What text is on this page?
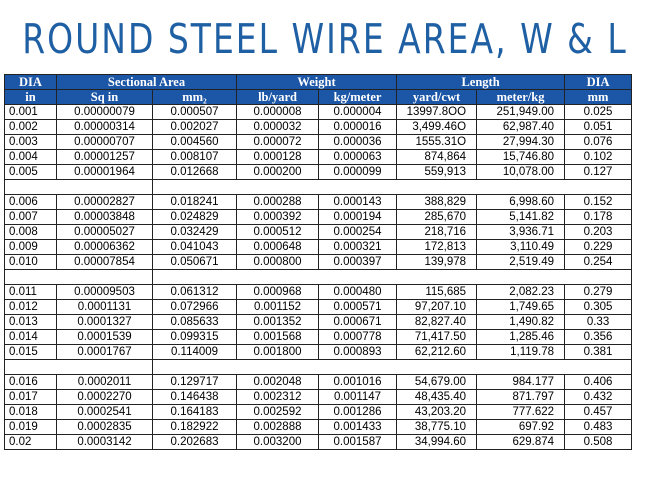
ROUND STEEL WIRE AREA, W & L
DIA	Sectional Area		Weight		Length		DIA
in	Sq in	mm₂	lb/yard	kg/meter	yard/cwt	meter/kg	mm
0.001	0.00000079	0.000507	0.000008	0.000004	13997.8OO	251,949.00	0.025
0.002	0.00000314	0.002027	0.000032	0.000016	3,499.46O	62,987.40	0.051
0.003	0.00000707	0.004560	0.000072	0.000036	1555.31O	27,994.30	0.076
0.004	0.00001257	0.008107	0.000128	0.000063	874,864	15,746.80	0.102
0.005	0.00001964	0.012668	0.000200	0.000099	559,913	10,078.00	0.127

0.006	0.00002827	0.018241	0.000288	0.000143	388,829	6,998.60	0.152
0.007	0.00003848	0.024829	0.000392	0.000194	285,670	5,141.82	0.178
0.008	0.00005027	0.032429	0.000512	0.000254	218,716	3,936.71	0.203
0.009	0.00006362	0.041043	0.000648	0.000321	172,813	3,110.49	0.229
0.010	0.00007854	0.050671	0.000800	0.000397	139,978	2,519.49	0.254

0.011	0.00009503	0.061312	0.000968	0.000480	115,685	2,082.23	0.279
0.012	0.0001131	0.072966	0.001152	0.000571	97,207.10	1,749.65	0.305
0.013	0.0001327	0.085633	0.001352	0.000671	82,827.40	1,490.82	0.33
0.014	0.0001539	0.099315	0.001568	0.000778	71,417.50	1,285.46	0.356
0.015	0.0001767	0.114009	0.001800	0.000893	62,212.60	1,119.78	0.381

0.016	0.0002011	0.129717	0.002048	0.001016	54,679.00	984.177	0.406
0.017	0.0002270	0.146438	0.002312	0.001147	48,435.40	871.797	0.432
0.018	0.0002541	0.164183	0.002592	0.001286	43,203.20	777.622	0.457
0.019	0.0002835	0.182922	0.002888	0.001433	38,775.10	697.92	0.483
0.02	0.0003142	0.202683	0.003200	0.001587	34,994.60	629.874	0.508
